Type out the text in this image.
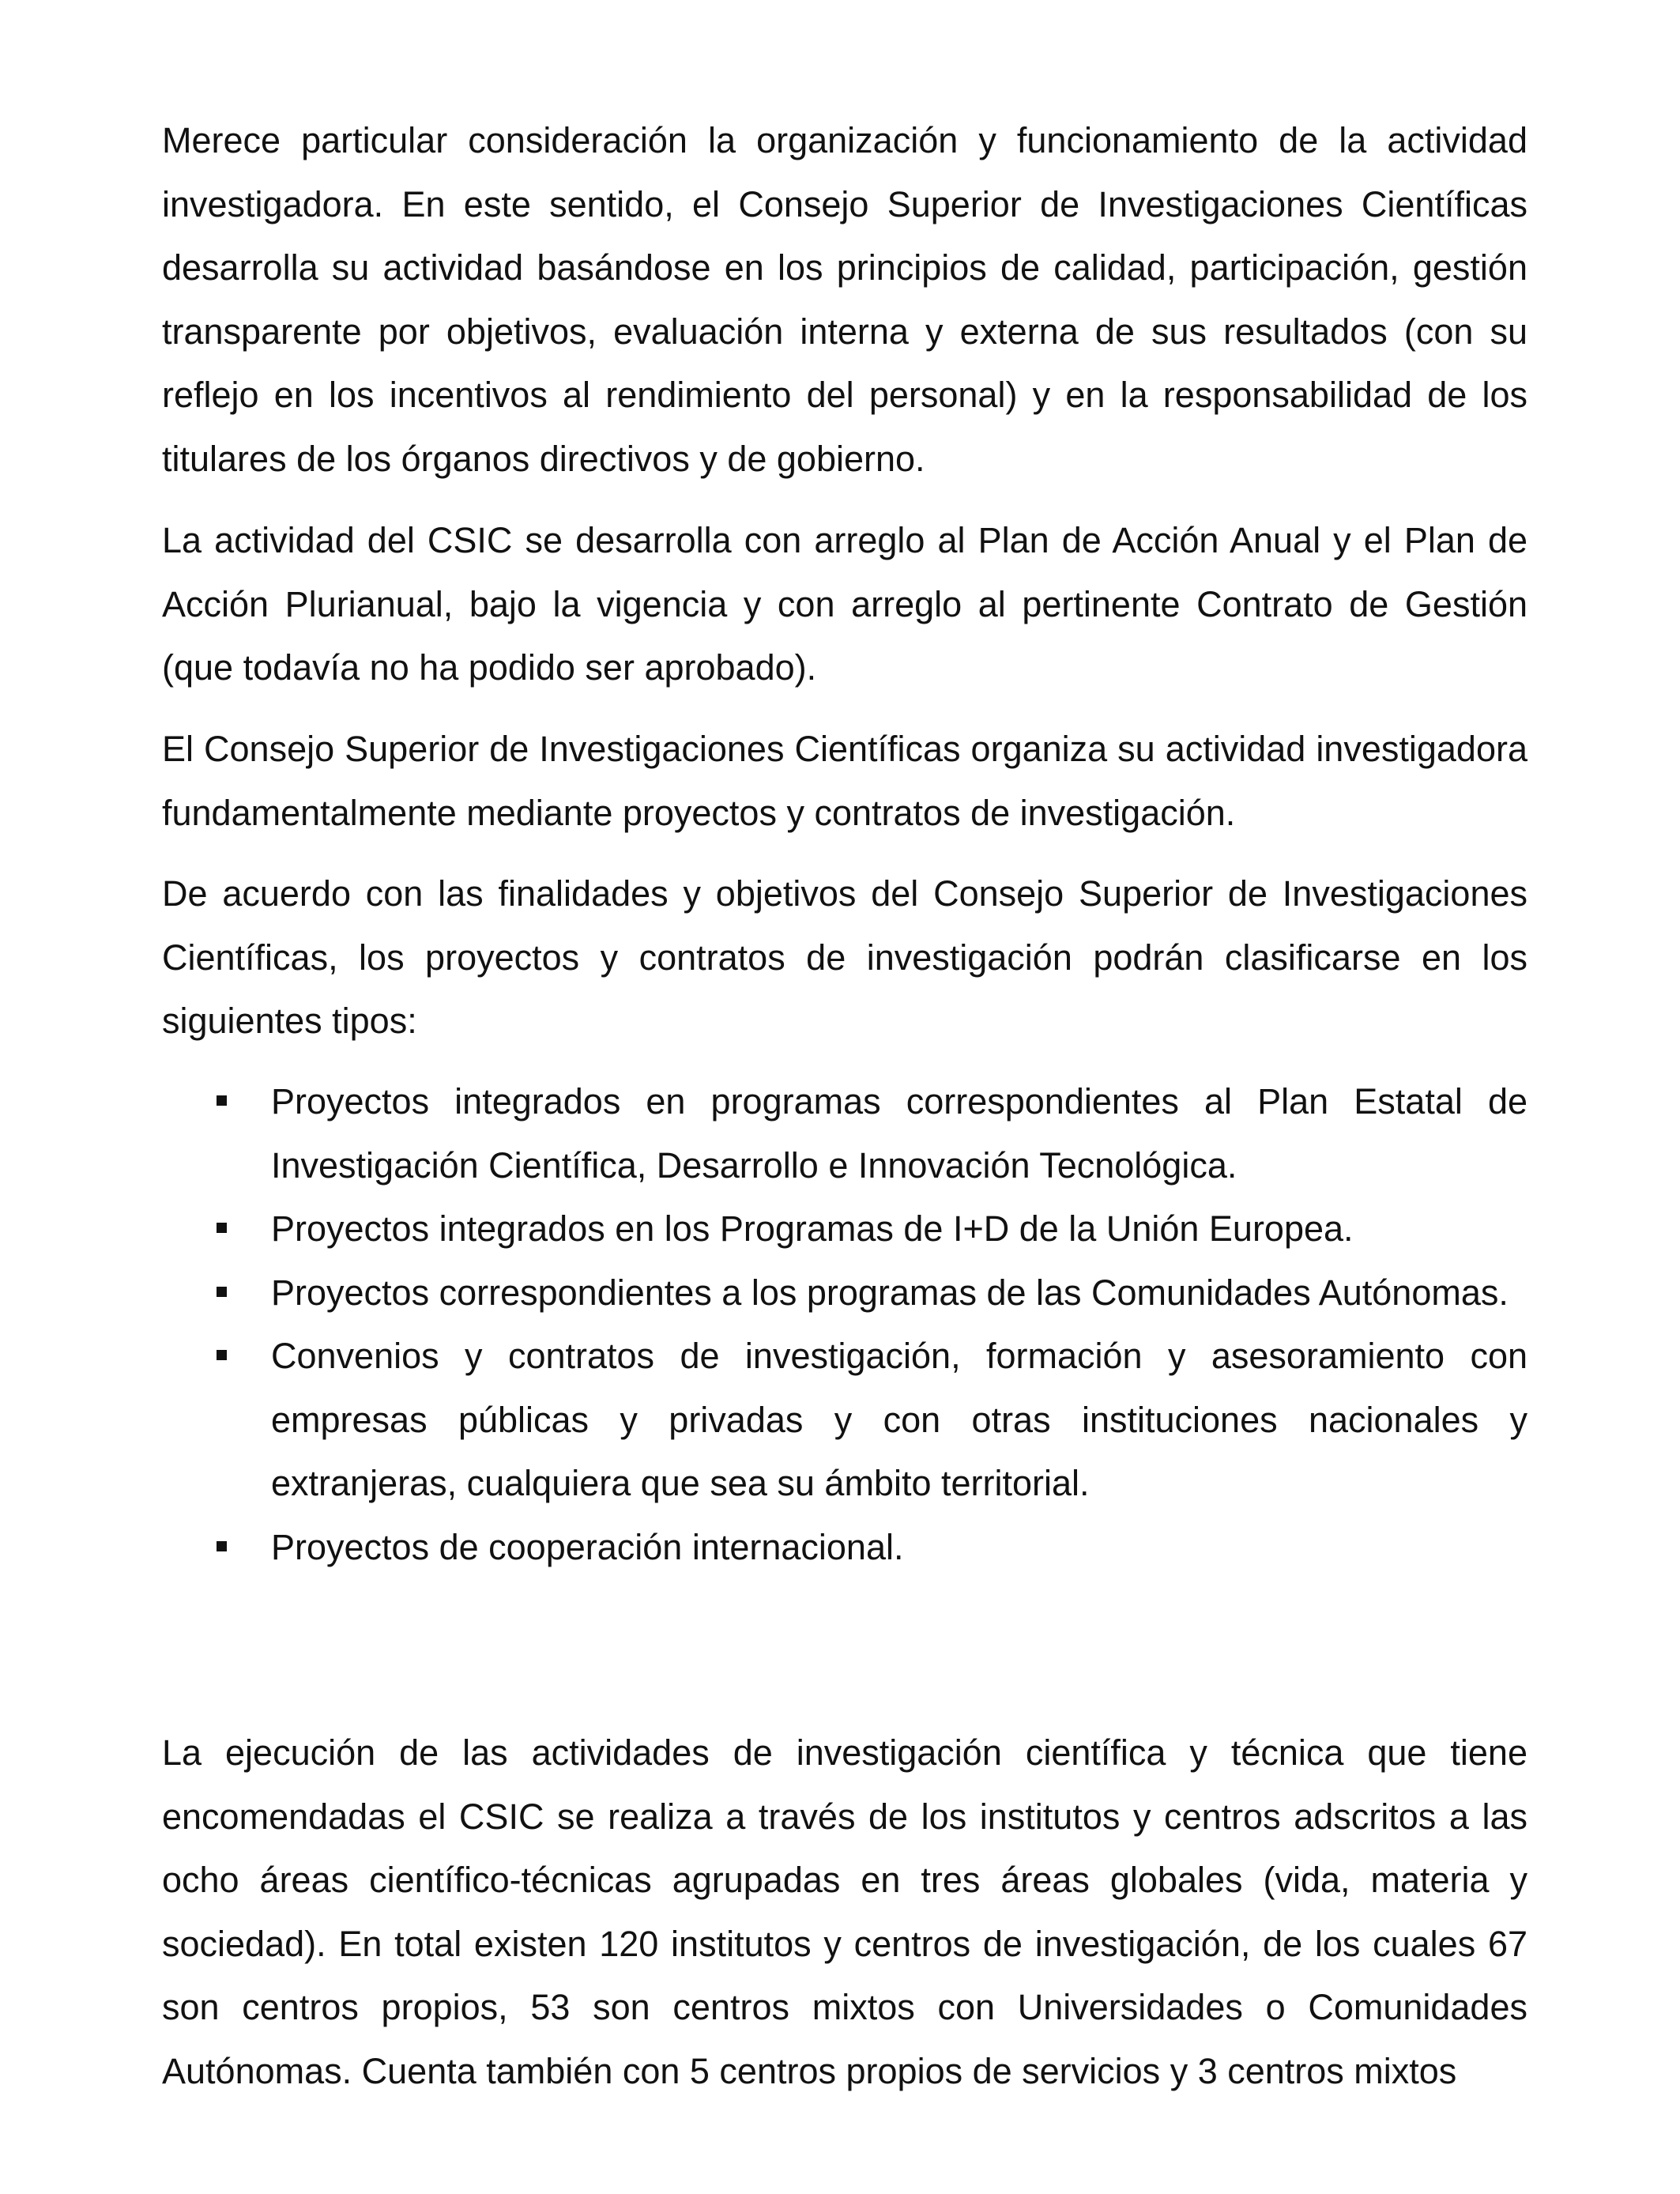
Merece particular consideración la organización y funcionamiento de la actividad investigadora. En este sentido, el Consejo Superior de Investigaciones Científicas desarrolla su actividad basándose en los principios de calidad, participación, gestión transparente por objetivos, evaluación interna y externa de sus resultados (con su reflejo en los incentivos al rendimiento del personal) y en la responsabilidad de los titulares de los órganos directivos y de gobierno.

La actividad del CSIC se desarrolla con arreglo al Plan de Acción Anual y el Plan de Acción Plurianual, bajo la vigencia y con arreglo al pertinente Contrato de Gestión (que todavía no ha podido ser aprobado).

El Consejo Superior de Investigaciones Científicas organiza su actividad investigadora fundamentalmente mediante proyectos y contratos de investigación.

De acuerdo con las finalidades y objetivos del Consejo Superior de Investigaciones Científicas, los proyectos y contratos de investigación podrán clasificarse en los siguientes tipos:

Proyectos integrados en programas correspondientes al Plan Estatal de Investigación Científica, Desarrollo e Innovación Tecnológica.
Proyectos integrados en los Programas de I+D de la Unión Europea.
Proyectos correspondientes a los programas de las Comunidades Autónomas.
Convenios y contratos de investigación, formación y asesoramiento con empresas públicas y privadas y con otras instituciones nacionales y extranjeras, cualquiera que sea su ámbito territorial.
Proyectos de cooperación internacional.

La ejecución de las actividades de investigación científica y técnica que tiene encomendadas el CSIC se realiza a través de los institutos y centros adscritos a las ocho áreas científico-técnicas agrupadas en tres áreas globales (vida, materia y sociedad). En total existen 120 institutos y centros de investigación, de los cuales 67 son centros propios, 53 son centros mixtos con Universidades o Comunidades Autónomas. Cuenta también con 5 centros propios de servicios y 3 centros mixtos
